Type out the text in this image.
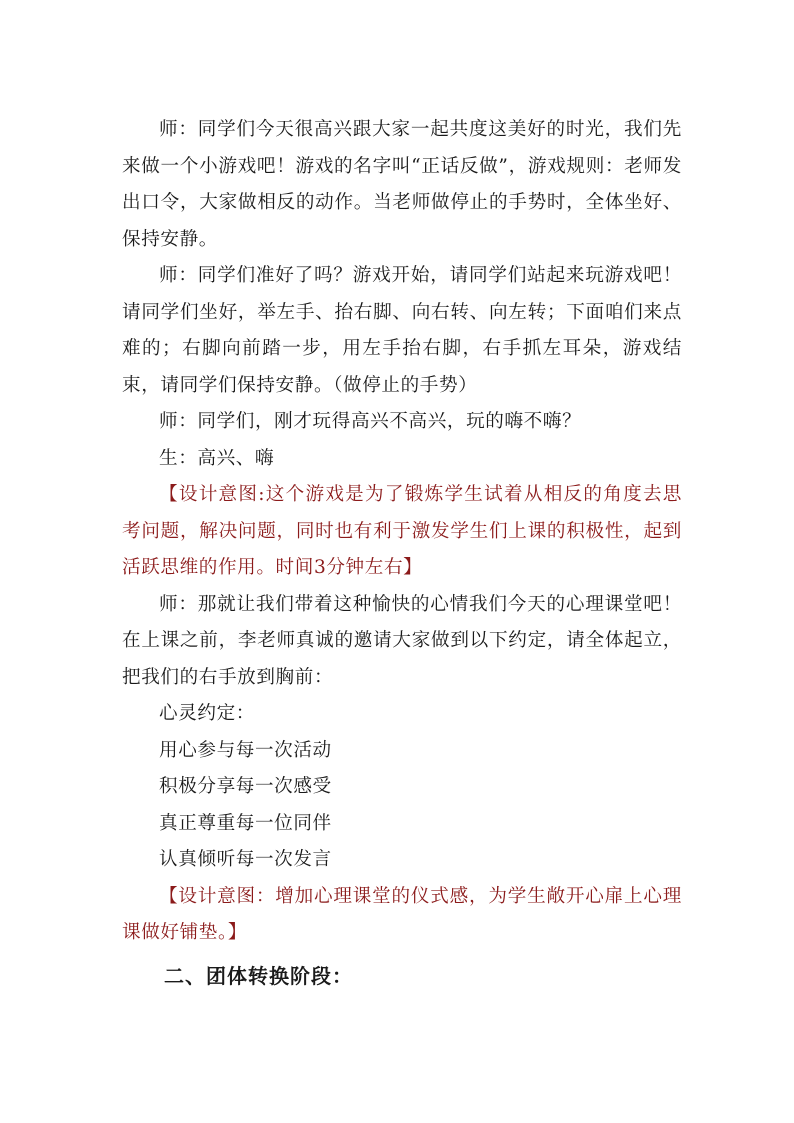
师：同学们今天很高兴跟大家一起共度这美好的时光，我们先来做一个小游戏吧！游戏的名字叫“正话反做”，游戏规则：老师发出口令，大家做相反的动作。当老师做停止的手势时，全体坐好、保持安静。

师：同学们准好了吗？游戏开始，请同学们站起来玩游戏吧！请同学们坐好，举左手、抬右脚、向右转、向左转；下面咱们来点难的；右脚向前踏一步，用左手抬右脚，右手抓左耳朵，游戏结束，请同学们保持安静。（做停止的手势）

师：同学们，刚才玩得高兴不高兴，玩的嗨不嗨？

生：高兴、嗨

【设计意图:这个游戏是为了锻炼学生试着从相反的角度去思考问题，解决问题，同时也有利于激发学生们上课的积极性，起到活跃思维的作用。时间3分钟左右】

师：那就让我们带着这种愉快的心情我们今天的心理课堂吧！在上课之前，李老师真诚的邀请大家做到以下约定，请全体起立，把我们的右手放到胸前：

心灵约定：

用心参与每一次活动

积极分享每一次感受

真正尊重每一位同伴

认真倾听每一次发言

【设计意图：增加心理课堂的仪式感，为学生敞开心扉上心理课做好铺垫。】

二、团体转换阶段：
